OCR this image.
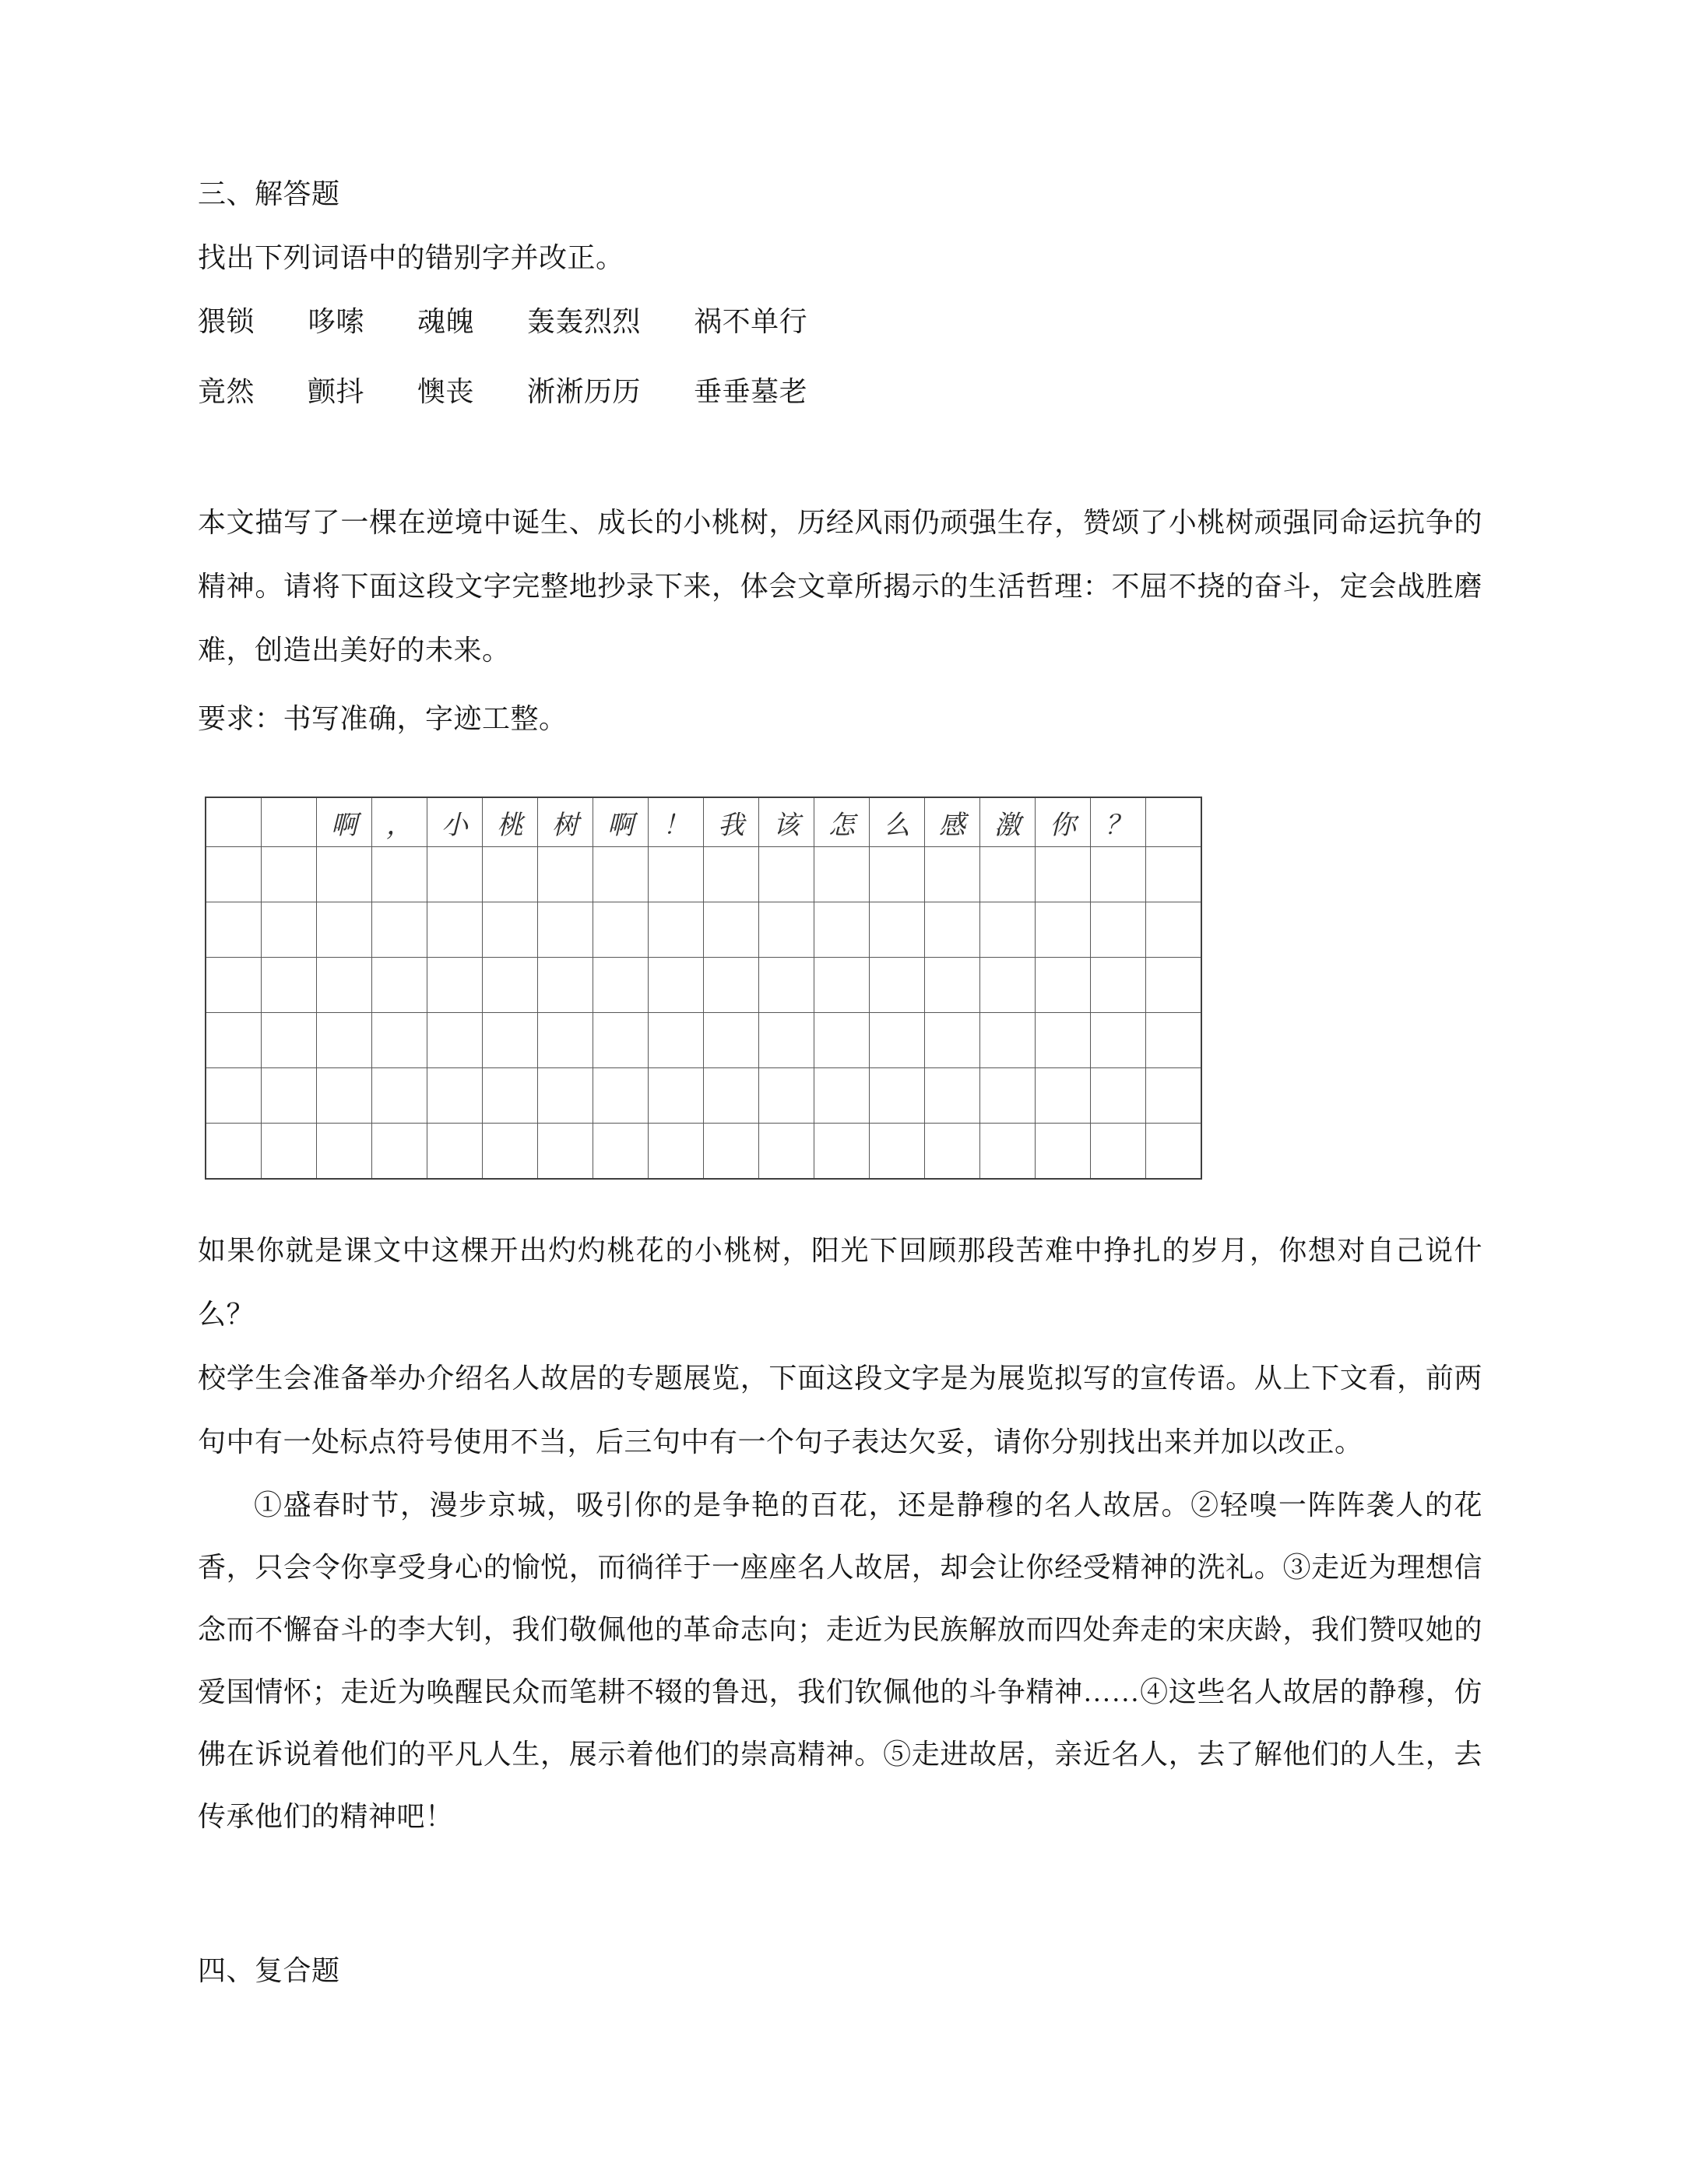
三、解答题

找出下列词语中的错别字并改正。

猥锁 哆嗦 魂魄 轰轰烈烈 祸不单行
竟然 颤抖 懊丧 淅淅历历 垂垂墓老

本文描写了一棵在逆境中诞生、成长的小桃树，历经风雨仍顽强生存，赞颂了小桃树顽强同命运抗争的精神。请将下面这段文字完整地抄录下来，体会文章所揭示的生活哲理：不屈不挠的奋斗，定会战胜磨难，创造出美好的未来。

要求：书写准确，字迹工整。

		啊	，	小	桃	树	啊	！	我	该	怎	么	感	激	你	？	

如果你就是课文中这棵开出灼灼桃花的小桃树，阳光下回顾那段苦难中挣扎的岁月，你想对自己说什么？

校学生会准备举办介绍名人故居的专题展览，下面这段文字是为展览拟写的宣传语。从上下文看，前两句中有一处标点符号使用不当，后三句中有一个句子表达欠妥，请你分别找出来并加以改正。

①盛春时节，漫步京城，吸引你的是争艳的百花，还是静穆的名人故居。②轻嗅一阵阵袭人的花香，只会令你享受身心的愉悦，而徜徉于一座座名人故居，却会让你经受精神的洗礼。③走近为理想信念而不懈奋斗的李大钊，我们敬佩他的革命志向；走近为民族解放而四处奔走的宋庆龄，我们赞叹她的爱国情怀；走近为唤醒民众而笔耕不辍的鲁迅，我们钦佩他的斗争精神……④这些名人故居的静穆，仿佛在诉说着他们的平凡人生，展示着他们的崇高精神。⑤走进故居，亲近名人，去了解他们的人生，去传承他们的精神吧！

四、复合题
